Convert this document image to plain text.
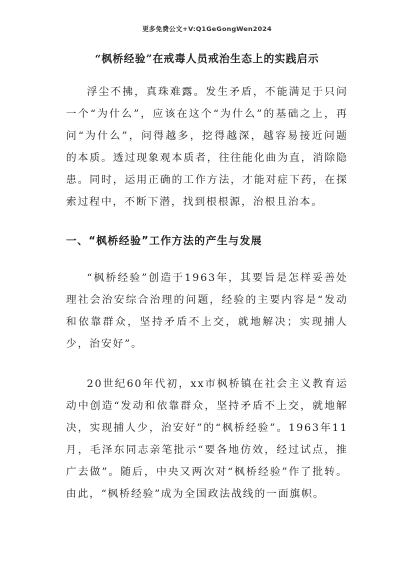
更多免费公文+V:Q1GeGongWen2024
“枫桥经验”在戒毒人员戒治生态上的实践启示

浮尘不拂，真珠难露。发生矛盾，不能满足于只问一个“为什么”，应该在这个“为什么”的基础之上，再问“为什么”，问得越多，挖得越深，越容易接近问题的本质。透过现象观本质者，往往能化曲为直，消除隐患。同时，运用正确的工作方法，才能对症下药，在探索过程中，不断下潜，找到根根源，治根且治本。

一、“枫桥经验”工作方法的产生与发展

“枫桥经验”创造于1963年，其要旨是怎样妥善处理社会治安综合治理的问题，经验的主要内容是“发动和依靠群众，坚持矛盾不上交，就地解决；实现捕人少，治安好”。

20世纪60年代初，xx市枫桥镇在社会主义教育运动中创造“发动和依靠群众，坚持矛盾不上交，就地解决，实现捕人少，治安好”的“枫桥经验”。1963年11月，毛泽东同志亲笔批示“要各地仿效，经过试点，推广去做”。随后，中央又两次对“枫桥经验”作了批转。由此，“枫桥经验”成为全国政法战线的一面旗帜。
